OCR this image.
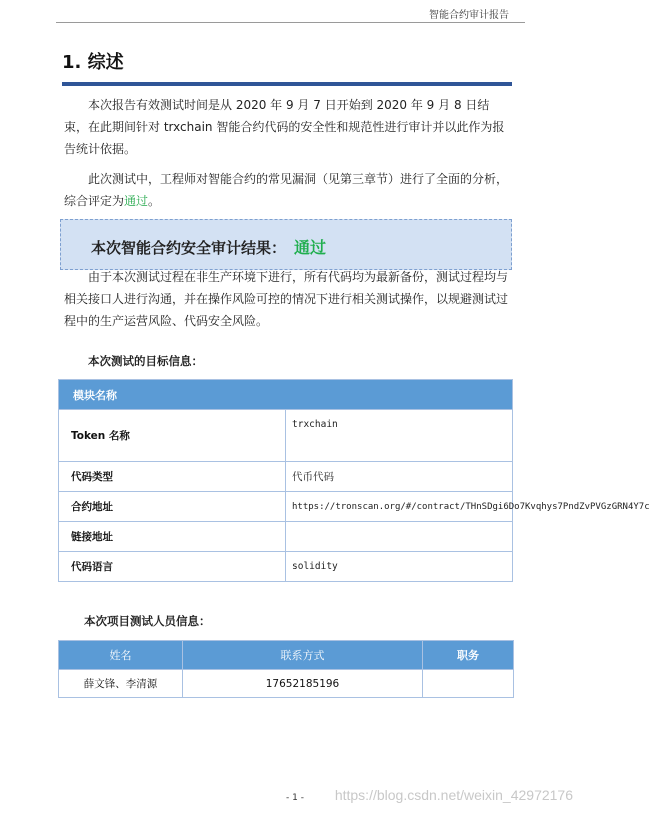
智能合约审计报告
1. 综述

本次报告有效测试时间是从 2020 年 9 月 7 日开始到 2020 年 9 月 8 日结束，在此期间针对 trxchain 智能合约代码的安全性和规范性进行审计并以此作为报告统计依据。

此次测试中，工程师对智能合约的常见漏洞（见第三章节）进行了全面的分析，综合评定为通过。

本次智能合约安全审计结果： 通过

由于本次测试过程在非生产环境下进行，所有代码均为最新备份，测试过程均与相关接口人进行沟通，并在操作风险可控的情况下进行相关测试操作，以规避测试过程中的生产运营风险、代码安全风险。

本次测试的目标信息：
模块名称	
Token 名称	trxchain
代码类型	代币代码
合约地址	https://tronscan.org/#/contract/THnSDgi6Do7Kvqhys7PndZvPVGzGRN4Y7c
链接地址	
代码语言	solidity
本次项目测试人员信息：
姓名	联系方式	职务
薛文锋、李清源	17652185196	
- 1 - https://blog.csdn.net/weixin_42972176
